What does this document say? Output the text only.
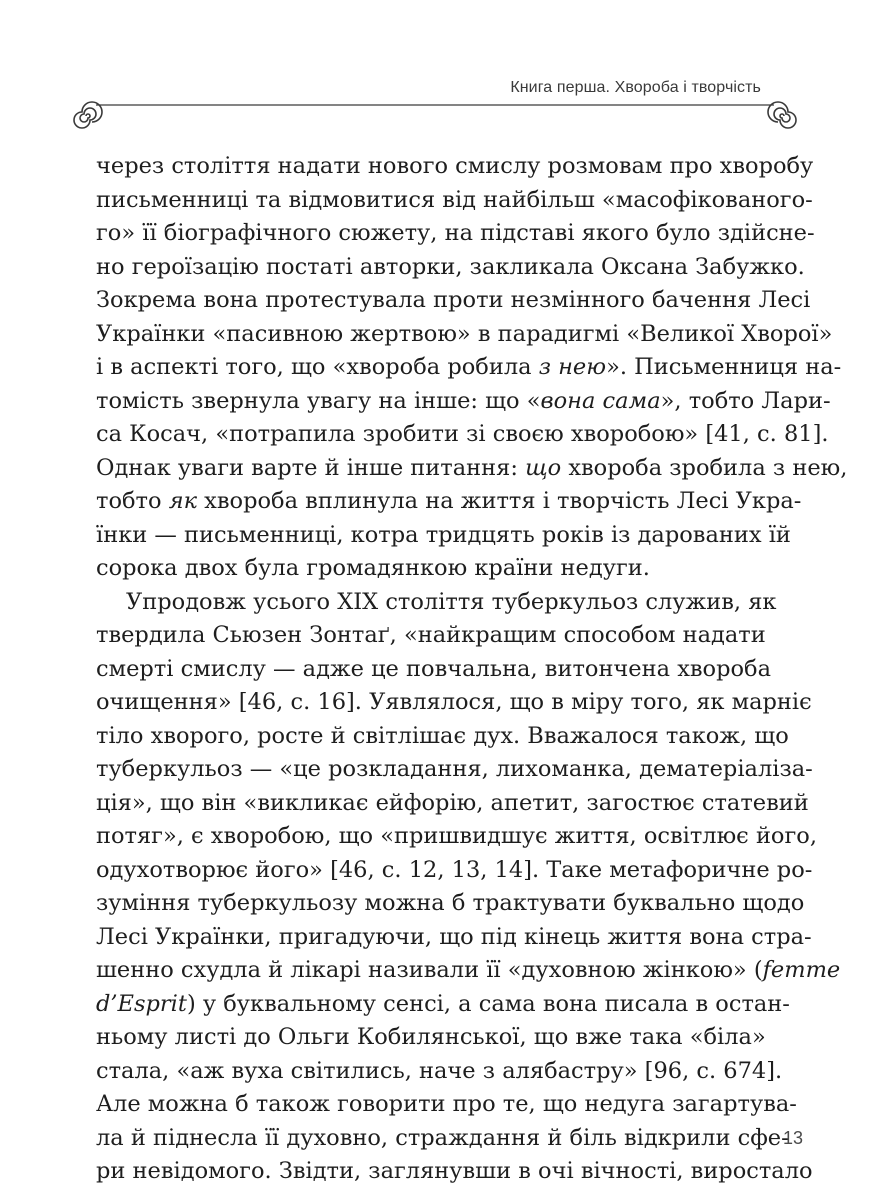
Книга перша. Хвороба і творчість
через століття надати нового смислу розмовам про хворобу
письменниці та відмовитися від найбільш «масофікованого-
го» її біографічного сюжету, на підставі якого було здійсне-
но героїзацію постаті авторки, закликала Оксана Забужко.
Зокрема вона протестувала проти незмінного бачення Лесі
Українки «пасивною жертвою» в парадигмі «Великої Хворої»
і в аспекті того, що «хвороба робила з нею». Письменниця на-
томість звернула увагу на інше: що «вона сама», тобто Лари-
са Косач, «потрапила зробити зі своєю хворобою» [41, с. 81].
Однак уваги варте й інше питання: що хвороба зробила з нею,
тобто як хвороба вплинула на життя і творчість Лесі Укра-
їнки — письменниці, котра тридцять років із дарованих їй
сорока двох була громадянкою країни недуги.
Упродовж усього XIX століття туберкульоз служив, як
твердила Сьюзен Зонтаґ, «найкращим способом надати
смерті смислу — адже це повчальна, витончена хвороба
очищення» [46, с. 16]. Уявлялося, що в міру того, як марніє
тіло хворого, росте й світлішає дух. Вважалося також, що
туберкульоз — «це розкладання, лихоманка, дематеріаліза-
ція», що він «викликає ейфорію, апетит, загостює статевий
потяг», є хворобою, що «пришвидшує життя, освітлює його,
одухотворює його» [46, с. 12, 13, 14]. Таке метафоричне ро-
зуміння туберкульозу можна б трактувати буквально щодо
Лесі Українки, пригадуючи, що під кінець життя вона стра-
шенно схудла й лікарі називали її «духовною жінкою» (femme
d’Esprit) у буквальному сенсі, а сама вона писала в остан-
ньому листі до Ольги Кобилянської, що вже така «біла»
стала, «аж вуха світились, наче з алябастру» [96, с. 674].
Але можна б також говорити про те, що недуга загартува-
ла й піднесла її духовно, страждання й біль відкрили сфе-
ри невідомого. Звідти, заглянувши в очі вічності, виростало
13
